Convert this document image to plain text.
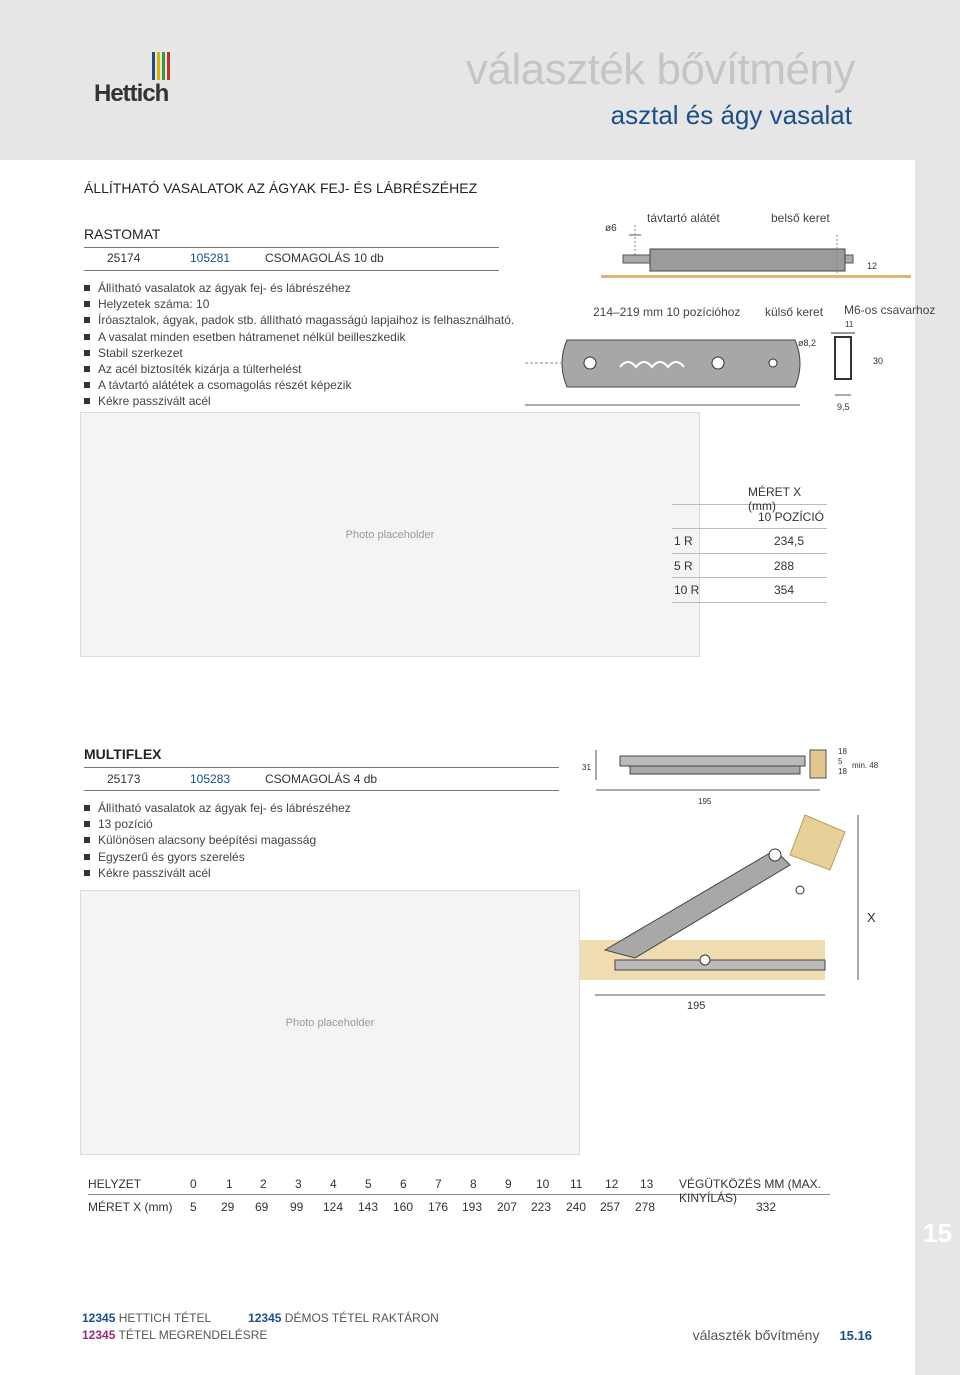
Hettich	választék bővítmény
asztal és ágy vasalat
ÁLLÍTHATÓ VASALATOK AZ ÁGYAK FEJ- ÉS LÁBRÉSZÉHEZ
RASTOMAT
25174	105281	CSOMAGOLÁS 10 db
Állítható vasalatok az ágyak fej- és lábrészéhez
Helyzetek száma: 10
Íróasztalok, ágyak, padok stb. állítható magasságú lapjaihoz is felhasználható.
A vasalat minden esetben hátramenet nélkül beilleszkedik
Stabil szerkezet
Az acél biztosíték kizárja a túlterhelést
A távtartó alátétek a csomagolás részét képezik
Kékre passzivált acél
ø6
távtartó alátét	belső keret
12
214–219 mm 10 pozícióhoz külső keret M6-os csavarhoz
11
ø8,2
30
9,5
Photo placeholder
MÉRET X (mm)
10 POZÍCIÓ
1 R	234,5
5 R	288
10 R	354
MULTIFLEX
25173	105283	CSOMAGOLÁS 4 db
Állítható vasalatok az ágyak fej- és lábrészéhez
13 pozíció
Különösen alacsony beépítési magasság
Egyszerű és gyors szerelés
Kékre passzivált acél
31
18
5
18
min. 48
195
X
195
Photo placeholder
HELYZET	0 1 2 3 4 5 6 7 8 9 10 11 12 13 VÉGÜTKÖZÉS MM (MAX. KINYÍLÁS)
MÉRET X (mm) 5 29 69 99 124 143 160 176 193 207 223 240 257 278	332
15
12345 HETTICH TÉTEL	12345 DÉMOS TÉTEL RAKTÁRON
12345 TÉTEL MEGRENDELÉSRE	választék bővítmény 15.16
